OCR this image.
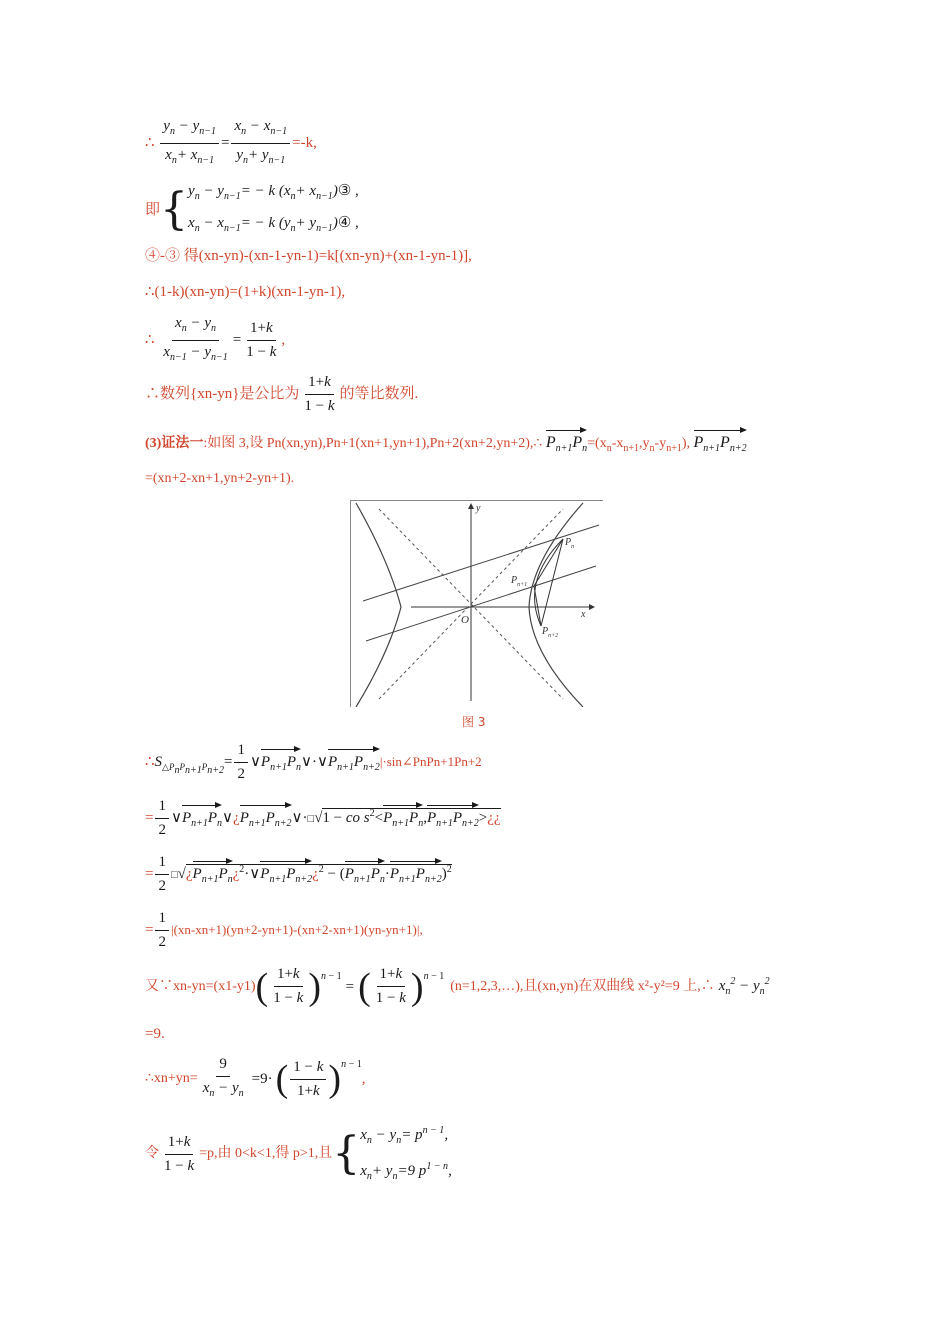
∴ $\frac{y_n - y_{n-1}}{x_n+ x_{n-1}} = \frac{x_n - x_{n-1}}{y_n+ y_{n-1}} =-k$,
即 { $y_n - y_{n-1}= - k$ ($x_n+$ $x_{n-1})③$ ,
$x_n - x_{n-1}= - k$ ($y_n+$ $y_{n-1})④$ ,
④-③ 得(xn-yn)-(xn-1-yn-1)=k[(xn-yn)+(xn-1-yn-1)],
∴(1-k)(xn-yn)=(1+k)(xn-1-yn-1),
∴ $\frac{x_n - y_n}{x_{n-1} - y_{n-1}} = \frac{1+k}{1 - k}$ ,
∴数列{xn-yn}是公比为 $\frac{1+k}{1 - k}$ 的等比数列.
(3)证法一:如图 3,设 Pn(xn,yn),Pn+1(xn+1,yn+1),Pn+2(xn+2,yn+2),∴ $P_{n+1}P_n=(x_n-x_{n+1},y_n-y_{n+1})$, $P_{n+1}P_{n+2}$
=(xn+2-xn+1,yn+2-yn+1).
y
x
O
$P_n$
$P_{n+1}$
$P_{n+2}$
图 3
$\therefore S_{\triangle P_nP_{n+1}P_{n+2}}= \frac{1}{2}$ $\vee P_{n+1}P_n\vee\cdot\vee P_{n+1}P_{n+2}|\cdot\sin\angle PnPn+1Pn+2$
= $\frac{1}{2}$ $\vee P_{n+1}P_n\vee¿P_{n+1}P_{n+2}\vee\cdot□√1$ − co $s^2<P_{n+1}P_n,P_{n+1}P_{n+2}>¿¿$
= $\frac{1}{2}$ $□√¿P_{n+1}P_n¿^2\cdot\vee P_{n+1}P_{n+2}¿^2 - (P_{n+1}P_n\cdot P_{n+1}P_{n+2})^2$
= $\frac{1}{2} |(xn-xn+1)(yn+2-yn+1)-(xn+2-xn+1)(yn-yn+1)|$,
又∵xn-yn=(x1-y1) ( $\frac{1+k}{1 - k}$ ) $^{n - 1}$
= ( $\frac{1+k}{1 - k}$ ) $^{n - 1}$
(n=1,2,3,…),且(xn,yn)在双曲线 x²-y²=9 上,∴ $x_n^2 - y_n^2$
=9.
∴xn+yn= $\frac{9}{x_n - y_n} =9\cdot$ ( $\frac{1 - k}{1+k}$ ) $^{n - 1}$
,
令 $\frac{1+k}{1 - k} =p$,由 0<k<1,得 p>1,且 { $x_n - y_n= p^{n - 1}$,
$x_n+ y_n=9$ $p^{1 - n}$,
